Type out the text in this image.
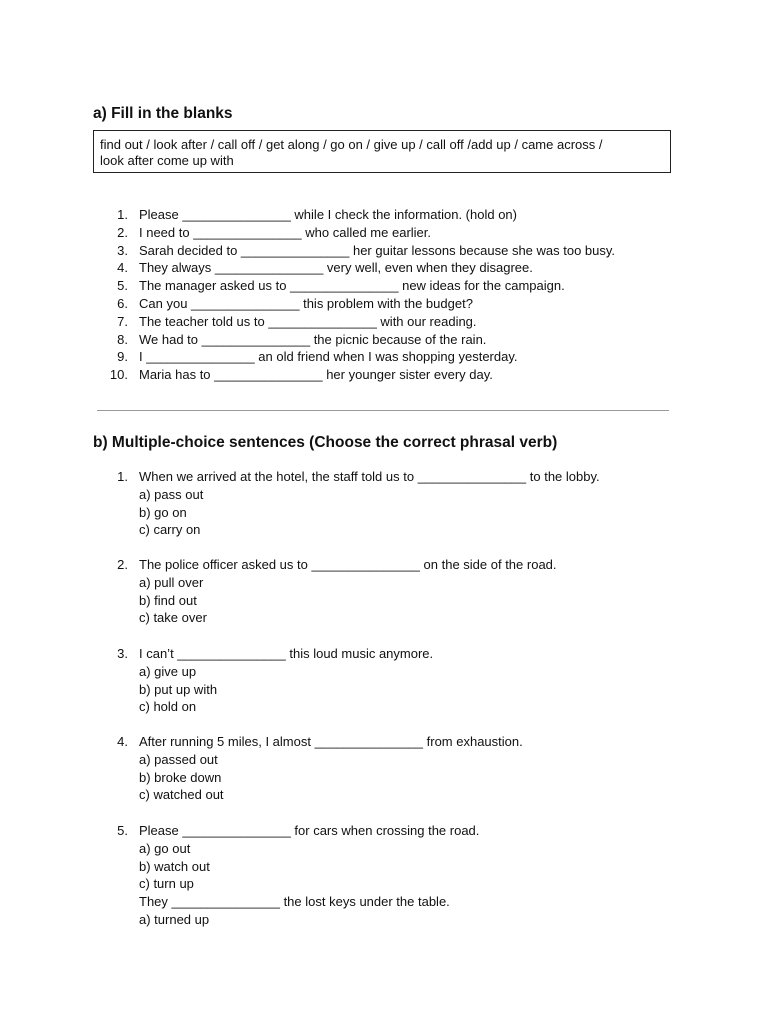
a) Fill in the blanks
find out / look after / call off / get along / go on / give up / call off /add up / came across /
look after come up with
1. Please _______________ while I check the information. (hold on)
2. I need to _______________ who called me earlier.
3. Sarah decided to _______________ her guitar lessons because she was too busy.
4. They always _______________ very well, even when they disagree.
5. The manager asked us to _______________ new ideas for the campaign.
6. Can you _______________ this problem with the budget?
7. The teacher told us to _______________ with our reading.
8. We had to _______________ the picnic because of the rain.
9. I _______________ an old friend when I was shopping yesterday.
10. Maria has to _______________ her younger sister every day.
b) Multiple-choice sentences (Choose the correct phrasal verb)
1. When we arrived at the hotel, the staff told us to _______________ to the lobby.
a) pass out
b) go on
c) carry on
2. The police officer asked us to _______________ on the side of the road.
a) pull over
b) find out
c) take over
3. I can’t _______________ this loud music anymore.
a) give up
b) put up with
c) hold on
4. After running 5 miles, I almost _______________ from exhaustion.
a) passed out
b) broke down
c) watched out
5. Please _______________ for cars when crossing the road.
a) go out
b) watch out
c) turn up
They _______________ the lost keys under the table.
a) turned up
